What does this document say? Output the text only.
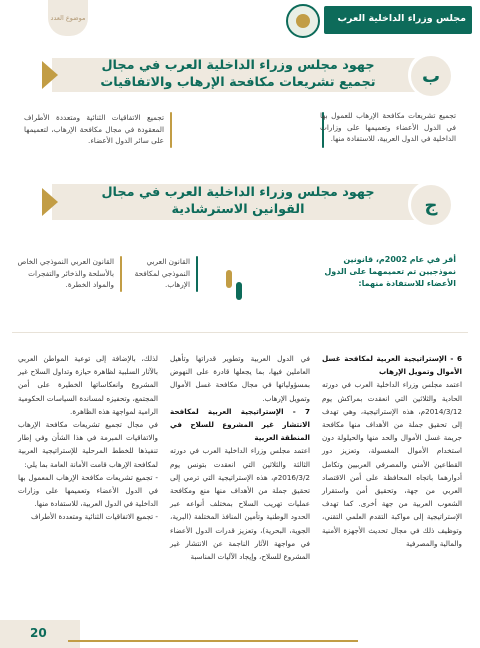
مجلس وزراء الداخلية العرب
موضوع العدد
جهود مجلس وزراء الداخلية العرب في مجال
تجميع تشريعات مكافحة الإرهاب والاتفاقيات	ب
تجميع تشريعات مكافحة الإرهاب للعمول بها في الدول الأعضاء وتعميمها على وزارات الداخلية في الدول العربية، للاستفادة منها.
تجميع الاتفاقيات الثنائية ومتعددة الأطراف المعقودة في مجال مكافحة الإرهاب، لتعميمها على سائر الدول الأعضاء.
جهود مجلس وزراء الداخلية العرب في مجال
القوانين الاسترشادية	ج
أقر في عام 2002م، قانونين نموذجيين تم تعميمهما على الدول الأعضاء للاستفادة منهما:
القانون العربي النموذجي لمكافحة الإرهاب.
القانون العربي النموذجي الخاص بالأسلحة والذخائر والتفجرات والمواد الخطرة.

6 - الإستراتيجية العربية لمكافحة غسل الأموال وتمويل الإرهاب

اعتمد مجلس وزراء الداخلية العرب في دورته الحادية والثلاثين التي انعقدت بمراكش يوم 2014/3/12م، هذه الإستراتيجية، وهي تهدف إلى تحقيق جملة من الأهداف منها مكافحة جريمة غسل الأموال والحد منها والحيلولة دون استخدام الأموال المغسولة، وتعزيز دور القطاعين الأمني والمصرفي العربيين وتكامل أدوارهما باتجاه المحافظة على أمن الاقتصاد العربي من جهة، وتحقيق أمن واستقرار الشعوب العربية من جهة أخرى. كما تهدف الإستراتيجية إلى مواكبة التقدم العلمي التقني، وتوظيف ذلك في مجال تحديث الأجهزة الأمنية والمالية والمصرفية

في الدول العربية وتطوير قدراتها وتأهيل العاملين فيها، بما يجعلها قادرة على النهوض بمسؤولياتها في مجال مكافحة غسل الأموال وتمويل الإرهاب.

7 - الإستراتيجية العربية لمكافحة الانتشار غير المشروع للسلاح في المنطقة العربية

اعتمد مجلس وزراء الداخلية العرب في دورته الثالثة والثلاثين التي انعقدت بتونس يوم 2016/3/2م، هذه الإستراتيجية التي ترمي إلى تحقيق جملة من الأهداف منها منع ومكافحة عمليات تهريب السلاح بمختلف أنواعه عبر الحدود الوطنية وتأمين المنافذ المختلفة (البرية، الجوية، البحرية)، وتعزيز قدرات الدول الأعضاء في مواجهة الآثار الناجمة عن الانتشار غير المشروع للسلاح، وإيجاد الآليات المناسبة

لذلك، بالإضافة إلى توعية المواطن العربي بالآثار السلبية لظاهرة حيازة وتداول السلاح غير المشروع وانعكاساتها الخطيرة على أمن المجتمع، وتحفيزه لمساندة السياسات الحكومية الرامية لمواجهة هذه الظاهرة.

في مجال تجميع تشريعات مكافحة الإرهاب والاتفاقيات المبرمة في هذا الشأن وفي إطار تنفيذها للخطط المرحلية للإستراتيجية العربية لمكافحة الإرهاب قامت الأمانة العامة بما يلي:

- تجميع تشريعات مكافحة الإرهاب المعمول بها في الدول الأعضاء وتعميمها على وزارات الداخلية في الدول العربية، للاستفادة منها.

- تجميع الاتفاقيات الثنائية ومتعددة الأطراف

20
